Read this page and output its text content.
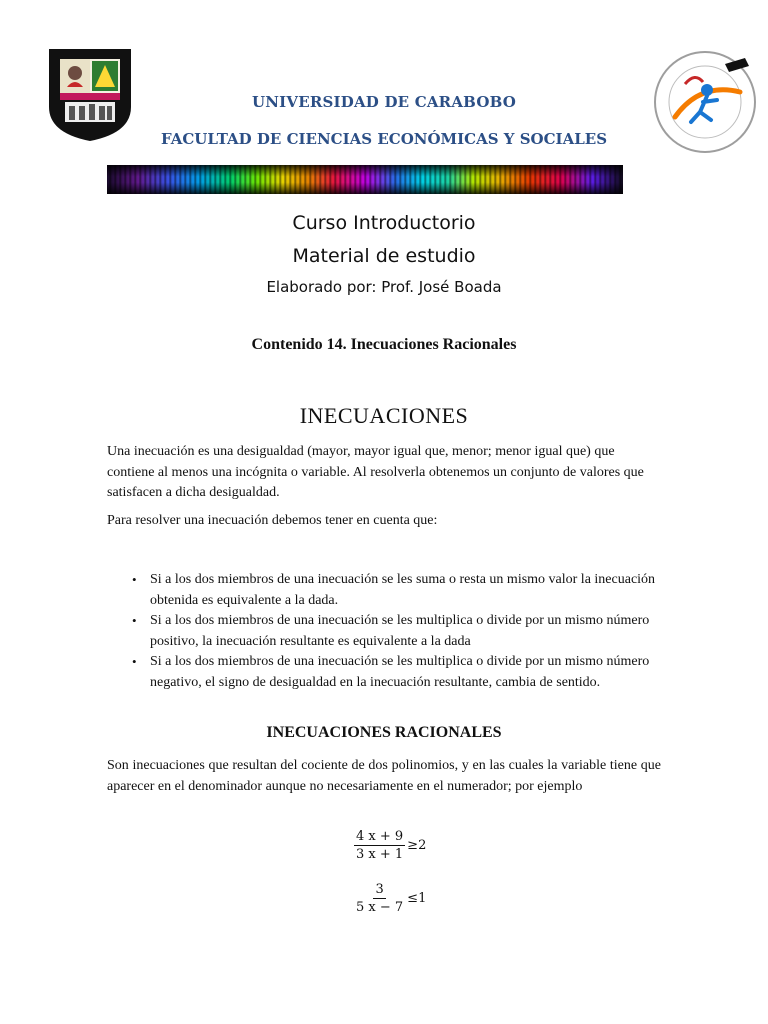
UNIVERSIDAD DE CARABOBO
FACULTAD DE CIENCIAS ECONÓMICAS Y SOCIALES
Curso Introductorio
Material de estudio
Elaborado por: Prof. José Boada
Contenido 14. Inecuaciones Racionales
INECUACIONES
Una inecuación es una desigualdad (mayor, mayor igual que, menor; menor igual que) que contiene al menos una incógnita o variable. Al resolverla obtenemos un conjunto de valores que satisfacen a dicha desigualdad.
Para resolver una inecuación debemos tener en cuenta que:
• Si a los dos miembros de una inecuación se les suma o resta un mismo valor la inecuación obtenida es equivalente a la dada.
• Si a los dos miembros de una inecuación se les multiplica o divide por un mismo número positivo, la inecuación resultante es equivalente a la dada
• Si a los dos miembros de una inecuación se les multiplica o divide por un mismo número negativo, el signo de desigualdad en la inecuación resultante, cambia de sentido.
INECUACIONES RACIONALES
Son inecuaciones que resultan del cociente de dos polinomios, y en las cuales la variable tiene que aparecer en el denominador aunque no necesariamente en el numerador; por ejemplo
$\frac{4 x + 9}{3 x + 1} \ge 2$
$\frac{3}{5 x - 7} \le 1$
